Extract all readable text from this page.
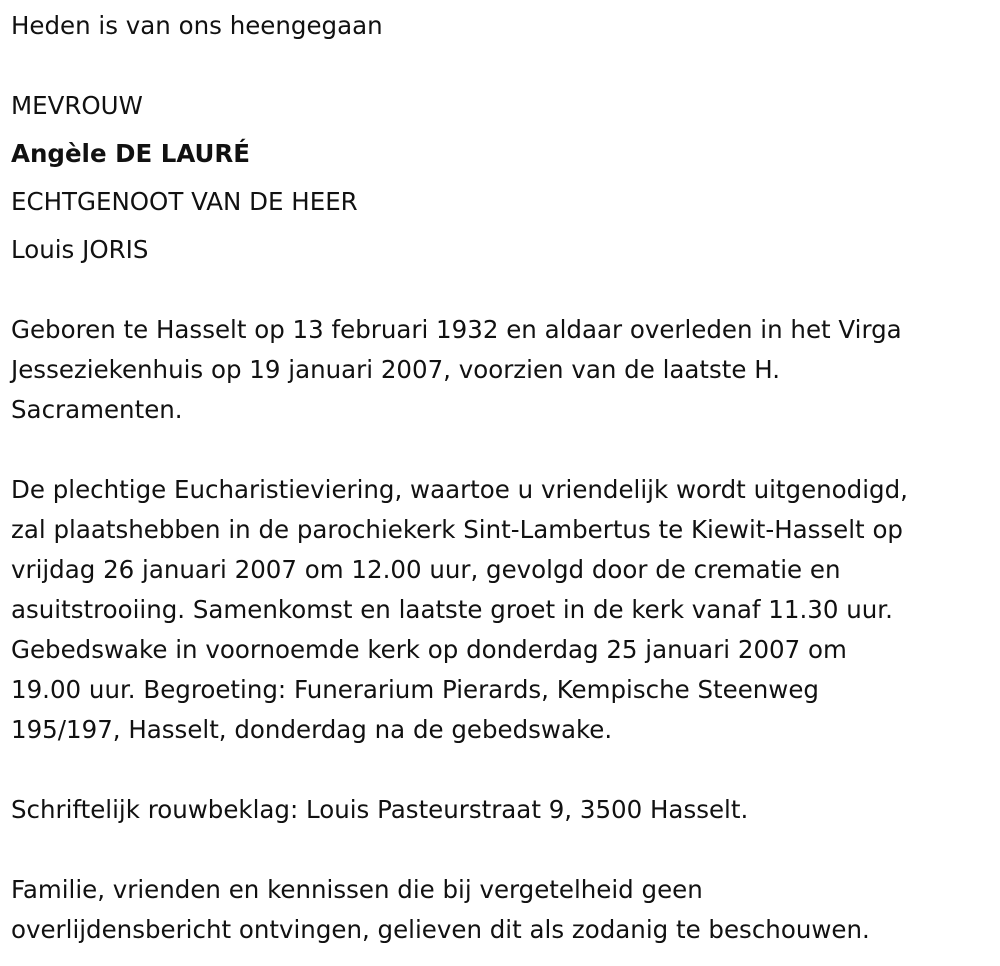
Heden is van ons heengegaan
MEVROUW
Angèle DE LAURÉ
ECHTGENOOT VAN DE HEER
Louis JORIS

Geboren te Hasselt op 13 februari 1932 en aldaar overleden in het Virga
Jesseziekenhuis op 19 januari 2007, voorzien van de laatste H.
Sacramenten.

De plechtige Eucharistieviering, waartoe u vriendelijk wordt uitgenodigd,
zal plaatshebben in de parochiekerk Sint-Lambertus te Kiewit-Hasselt op
vrijdag 26 januari 2007 om 12.00 uur, gevolgd door de crematie en
asuitstrooiing. Samenkomst en laatste groet in de kerk vanaf 11.30 uur.
Gebedswake in voornoemde kerk op donderdag 25 januari 2007 om
19.00 uur. Begroeting: Funerarium Pierards, Kempische Steenweg
195/197, Hasselt, donderdag na de gebedswake.

Schriftelijk rouwbeklag: Louis Pasteurstraat 9, 3500 Hasselt.

Familie, vrienden en kennissen die bij vergetelheid geen
overlijdensbericht ontvingen, gelieven dit als zodanig te beschouwen.
